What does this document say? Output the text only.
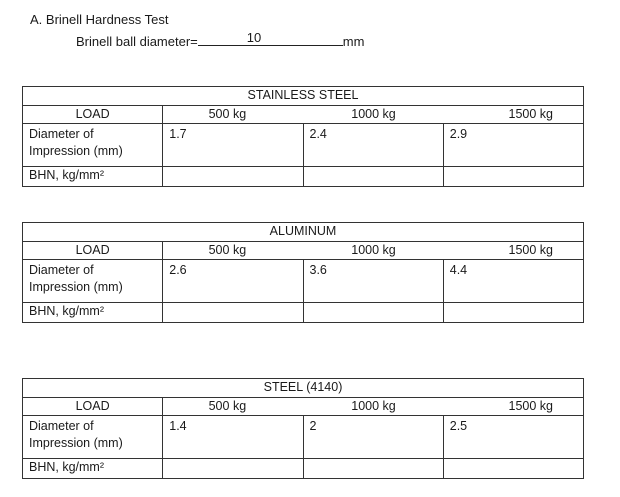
A. Brinell Hardness Test
Brinell ball diameter=	10	mm
STAINLESS STEEL			
LOAD	500 kg 1000 kg 1500 kg		

Diameter of Impression (mm)	1.7	2.4	2.9
BHN, kg/mm²			
ALUMINUM			
LOAD	500 kg 1000 kg 1500 kg		

Diameter of Impression (mm)	2.6	3.6	4.4
BHN, kg/mm²			
STEEL (4140)			
LOAD	500 kg 1000 kg 1500 kg		

Diameter of Impression (mm)	1.4	2	2.5
BHN, kg/mm²			
